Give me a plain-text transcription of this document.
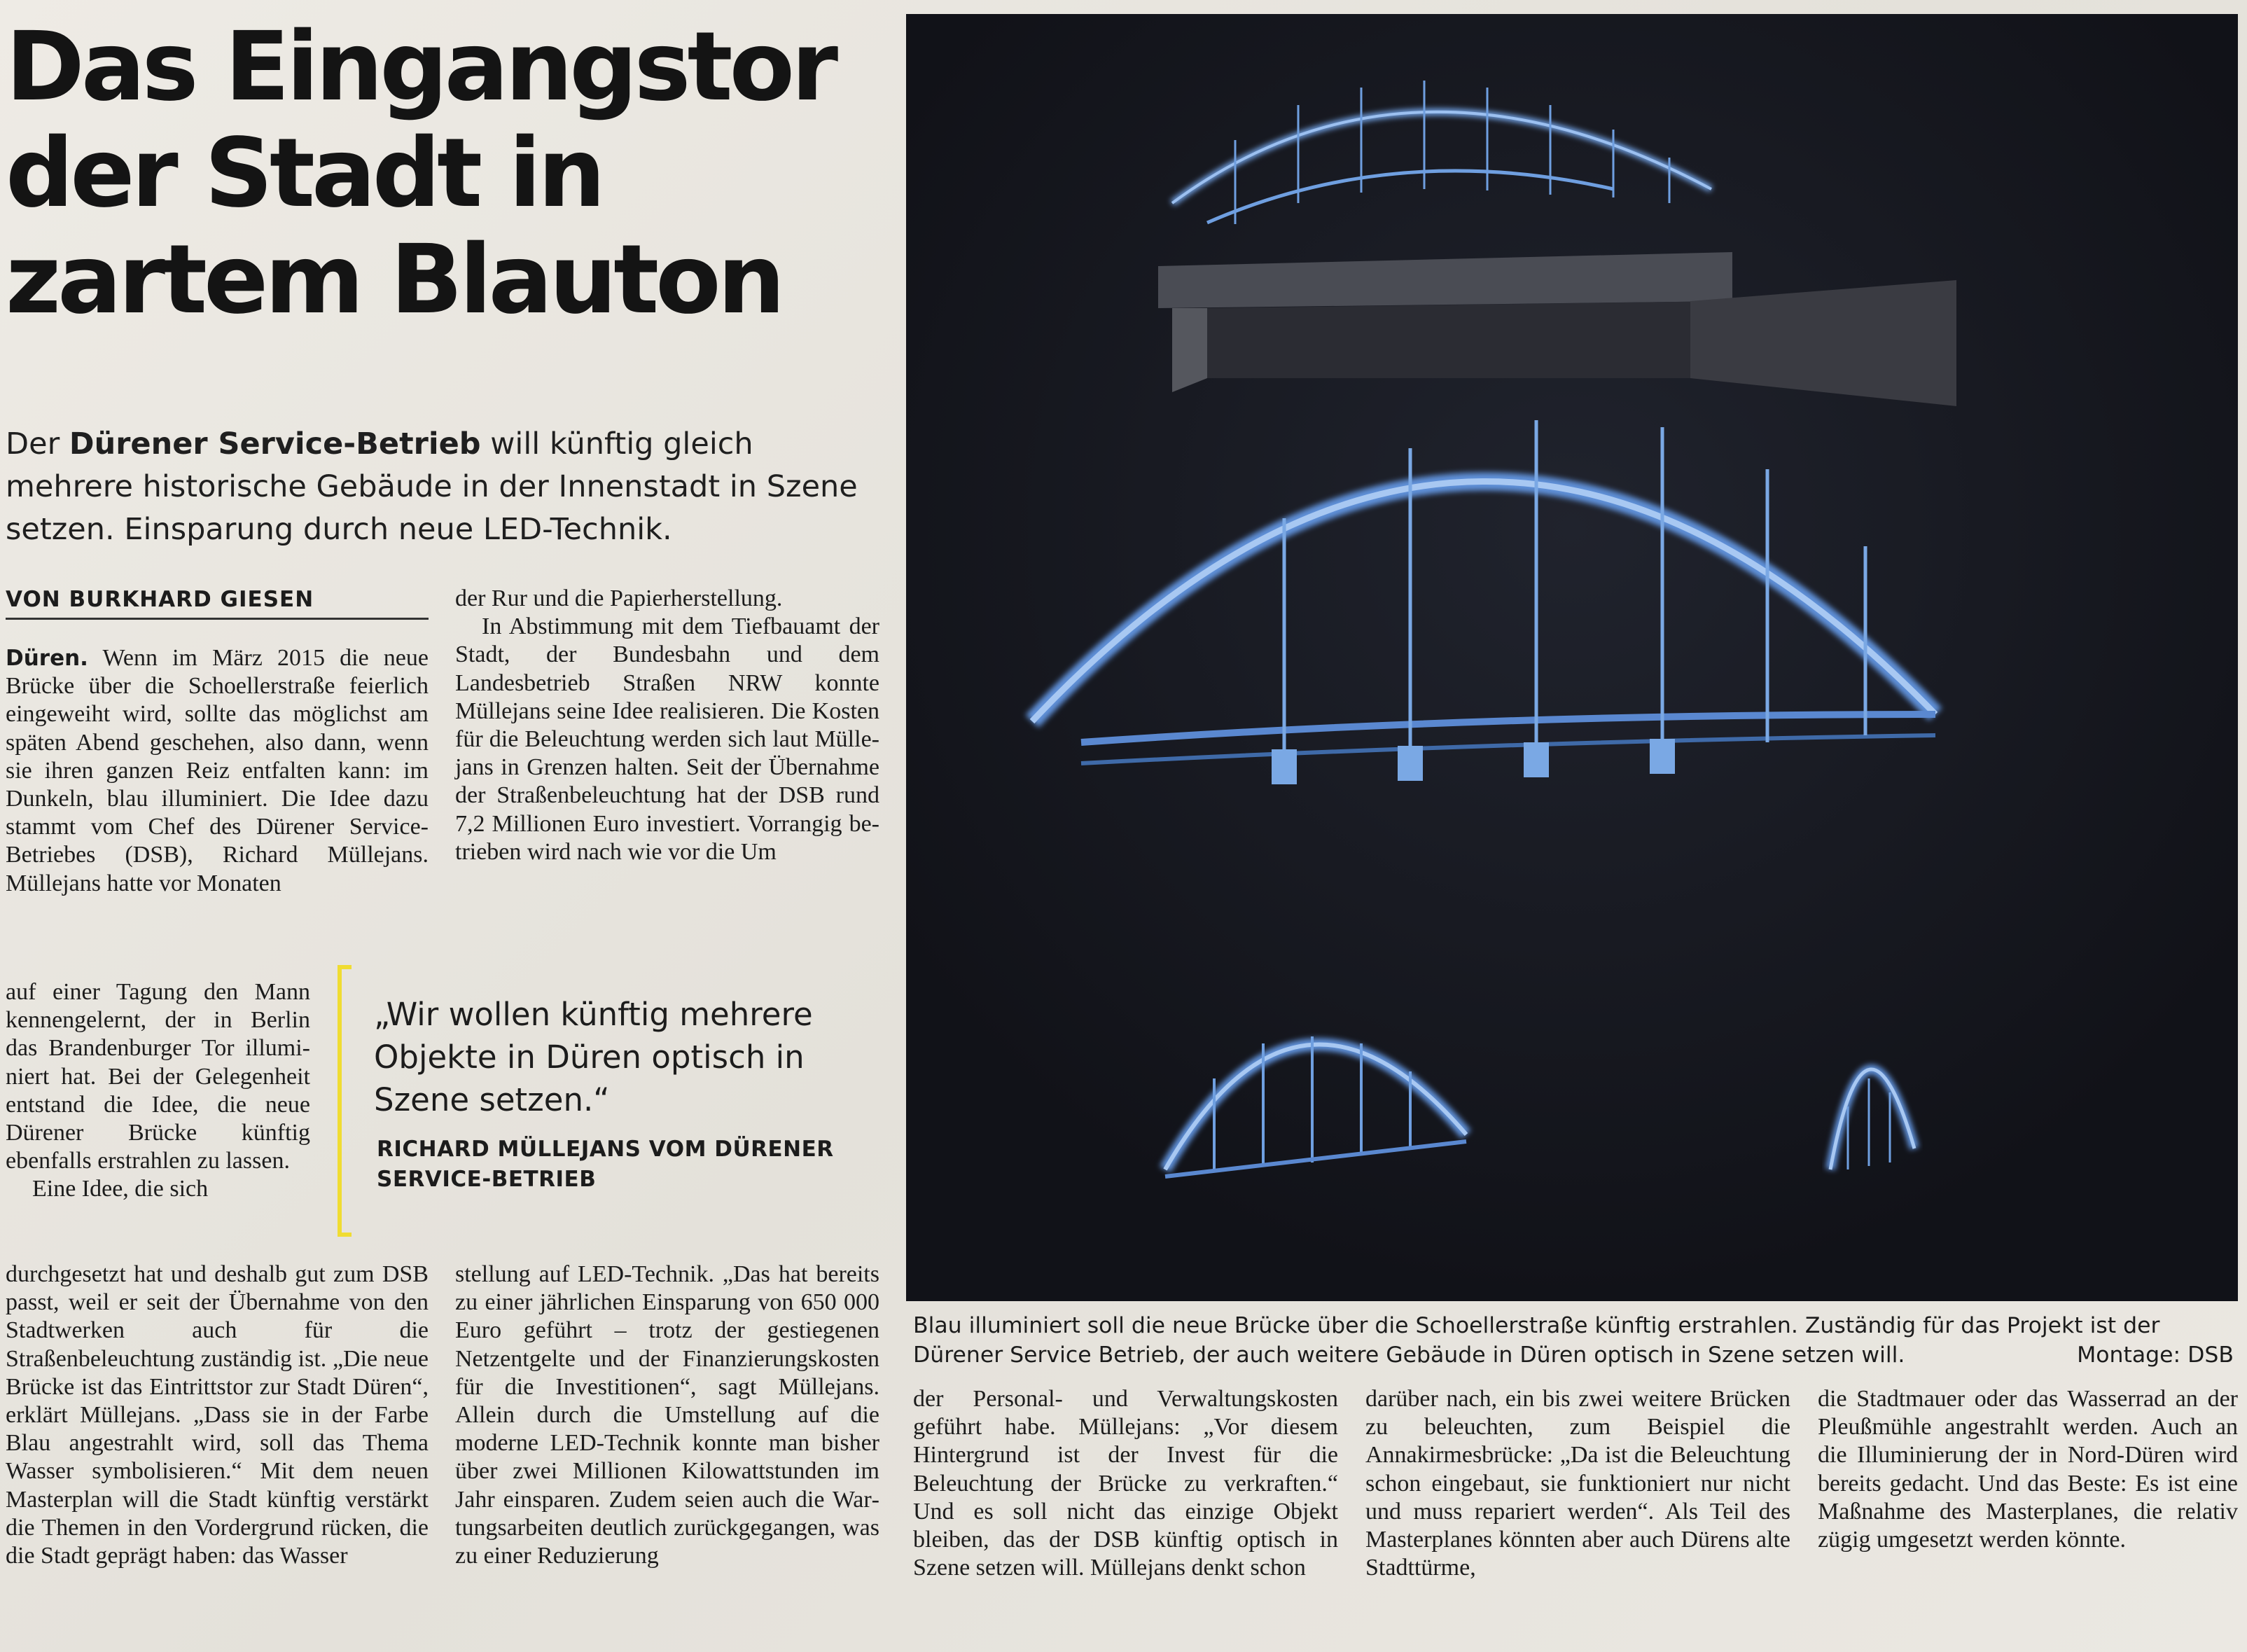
Das Eingangstor
der Stadt in
zartem Blauton

Der Dürener Service-Betrieb will künftig gleich mehrere historische Gebäude in der Innenstadt in Szene setzen. Einsparung durch neue LED-Technik.

VON BURKHARD GIESEN

Düren. Wenn im März 2015 die neue Brücke über die Schoellerstraße feierlich eingeweiht wird, sollte das möglichst am späten Abend geschehen, also dann, wenn sie ihren ganzen Reiz entfalten kann: im Dunkeln, blau illuminiert. Die Idee dazu stammt vom Chef des Dürener Service-Betriebes (DSB), Richard Müllejans. Müllejans hatte vor Monaten

auf einer Tagung den Mann kennengelernt, der in Berlin das Brandenburger Tor illuminiert hat. Bei der Gelegenheit entstand die Idee, die neue Dürener Brücke künftig ebenfalls erstrahlen zu lassen.

Eine Idee, die sich

durchgesetzt hat und deshalb gut zum DSB passt, weil er seit der Übernahme von den Stadtwerken auch für die Straßenbeleuchtung zuständig ist. „Die neue Brücke ist das Eintrittstor zur Stadt Düren“, erklärt Müllejans. „Dass sie in der Farbe Blau angestrahlt wird, soll das Thema Wasser symbolisieren.“ Mit dem neuen Masterplan will die Stadt künftig verstärkt die Themen in den Vordergrund rücken, die die Stadt geprägt haben: das Wasser

der Rur und die Papierherstellung.

In Abstimmung mit dem Tiefbauamt der Stadt, der Bundesbahn und dem Landesbetrieb Straßen NRW konnte Müllejans seine Idee realisieren. Die Kosten für die Beleuchtung werden sich laut Müllejans in Grenzen halten. Seit der Übernahme der Straßenbeleuchtung hat der DSB rund 7,2 Millionen Euro investiert. Vorrangig betrieben wird nach wie vor die Um

stellung auf LED-Technik. „Das hat bereits zu einer jährlichen Einsparung von 650 000 Euro geführt – trotz der gestiegenen Netzentgelte und der Finanzierungskosten für die Investitionen“, sagt Müllejans. Allein durch die Umstellung auf die moderne LED-Technik konnte man bisher über zwei Millionen Kilowattstunden im Jahr einsparen. Zudem seien auch die Wartungsarbeiten deutlich zurückgegangen, was zu einer Reduzierung

„Wir wollen künftig mehrere Objekte in Düren optisch in Szene setzen.“
RICHARD MÜLLEJANS VOM DÜRENER SERVICE-BETRIEB
Blau illuminiert soll die neue Brücke über die Schoellerstraße künftig erstrahlen. Zuständig für das Projekt ist der
Dürener Service Betrieb, der auch weitere Gebäude in Düren optisch in Szene setzen will.	Montage: DSB

der Personal- und Verwaltungskosten geführt habe. Müllejans: „Vor diesem Hintergrund ist der Invest für die Beleuchtung der Brücke zu verkraften.“ Und es soll nicht das einzige Objekt bleiben, das der DSB künftig optisch in Szene setzen will. Müllejans denkt schon

darüber nach, ein bis zwei weitere Brücken zu beleuchten, zum Beispiel die Annakirmesbrücke: „Da ist die Beleuchtung schon eingebaut, sie funktioniert nur nicht und muss repariert werden“. Als Teil des Masterplanes könnten aber auch Dürens alte Stadttürme,

die Stadtmauer oder das Wasserrad an der Pleußmühle angestrahlt werden. Auch an die Illuminierung der in Nord-Düren wird bereits gedacht. Und das Beste: Es ist eine Maßnahme des Masterplanes, die relativ zügig umgesetzt werden könnte.
